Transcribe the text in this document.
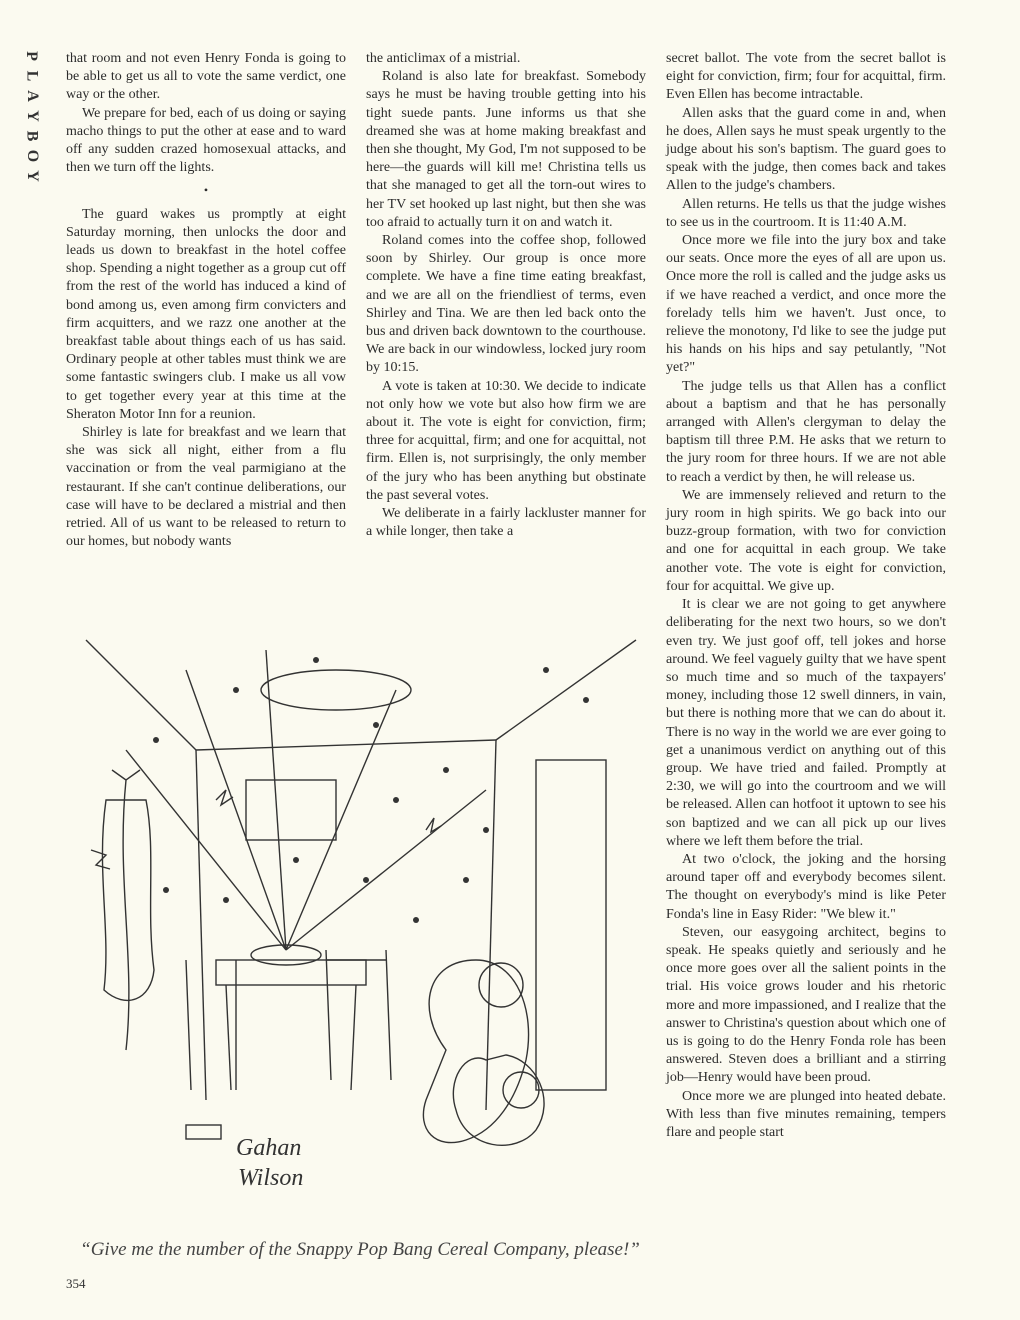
P
L
A
Y
B
O
Y

that room and not even Henry Fonda is going to be able to get us all to vote the same verdict, one way or the other.

We prepare for bed, each of us doing or saying macho things to put the other at ease and to ward off any sudden crazed homosexual attacks, and then we turn off the lights.

•

The guard wakes us promptly at eight Saturday morning, then unlocks the door and leads us down to breakfast in the hotel coffee shop. Spending a night together as a group cut off from the rest of the world has induced a kind of bond among us, even among firm convicters and firm acquitters, and we razz one another at the breakfast table about things each of us has said. Ordinary people at other tables must think we are some fantastic swingers club. I make us all vow to get together every year at this time at the Sheraton Motor Inn for a reunion.

Shirley is late for breakfast and we learn that she was sick all night, either from a flu vaccination or from the veal parmigiano at the restaurant. If she can't continue deliberations, our case will have to be declared a mistrial and then retried. All of us want to be released to return to our homes, but nobody wants

the anticlimax of a mistrial.

Roland is also late for breakfast. Somebody says he must be having trouble getting into his tight suede pants. June informs us that she dreamed she was at home making breakfast and then she thought, My God, I'm not supposed to be here—the guards will kill me! Christina tells us that she managed to get all the torn-out wires to her TV set hooked up last night, but then she was too afraid to actually turn it on and watch it.

Roland comes into the coffee shop, followed soon by Shirley. Our group is once more complete. We have a fine time eating breakfast, and we are all on the friendliest of terms, even Shirley and Tina. We are then led back onto the bus and driven back downtown to the courthouse. We are back in our windowless, locked jury room by 10:15.

A vote is taken at 10:30. We decide to indicate not only how we vote but also how firm we are about it. The vote is eight for conviction, firm; three for acquittal, firm; and one for acquittal, not firm. Ellen is, not surprisingly, the only member of the jury who has been anything but obstinate the past several votes.

We deliberate in a fairly lackluster manner for a while longer, then take a

secret ballot. The vote from the secret ballot is eight for conviction, firm; four for acquittal, firm. Even Ellen has become intractable.

Allen asks that the guard come in and, when he does, Allen says he must speak urgently to the judge about his son's baptism. The guard goes to speak with the judge, then comes back and takes Allen to the judge's chambers.

Allen returns. He tells us that the judge wishes to see us in the courtroom. It is 11:40 A.M.

Once more we file into the jury box and take our seats. Once more the eyes of all are upon us. Once more the roll is called and the judge asks us if we have reached a verdict, and once more the forelady tells him we haven't. Just once, to relieve the monotony, I'd like to see the judge put his hands on his hips and say petulantly, "Not yet?"

The judge tells us that Allen has a conflict about a baptism and that he has personally arranged with Allen's clergyman to delay the baptism till three P.M. He asks that we return to the jury room for three hours. If we are not able to reach a verdict by then, he will release us.

We are immensely relieved and return to the jury room in high spirits. We go back into our buzz-group formation, with two for conviction and one for acquittal in each group. We take another vote. The vote is eight for conviction, four for acquittal. We give up.

It is clear we are not going to get anywhere deliberating for the next two hours, so we don't even try. We just goof off, tell jokes and horse around. We feel vaguely guilty that we have spent so much time and so much of the taxpayers' money, including those 12 swell dinners, in vain, but there is nothing more that we can do about it. There is no way in the world we are ever going to get a unanimous verdict on anything out of this group. We have tried and failed. Promptly at 2:30, we will go into the courtroom and we will be released. Allen can hotfoot it uptown to see his son baptized and we can all pick up our lives where we left them before the trial.

At two o'clock, the joking and the horsing around taper off and everybody becomes silent. The thought on everybody's mind is like Peter Fonda's line in Easy Rider: "We blew it."

Steven, our easygoing architect, begins to speak. He speaks quietly and seriously and he once more goes over all the salient points in the trial. His voice grows louder and his rhetoric more and more impassioned, and I realize that the answer to Christina's question about which one of us is going to do the Henry Fonda role has been answered. Steven does a brilliant and a stirring job—Henry would have been proud.

Once more we are plunged into heated debate. With less than five minutes remaining, tempers flare and people start

Gahan
Wilson
“Give me the number of the Snappy Pop Bang Cereal Company, please!”
354
